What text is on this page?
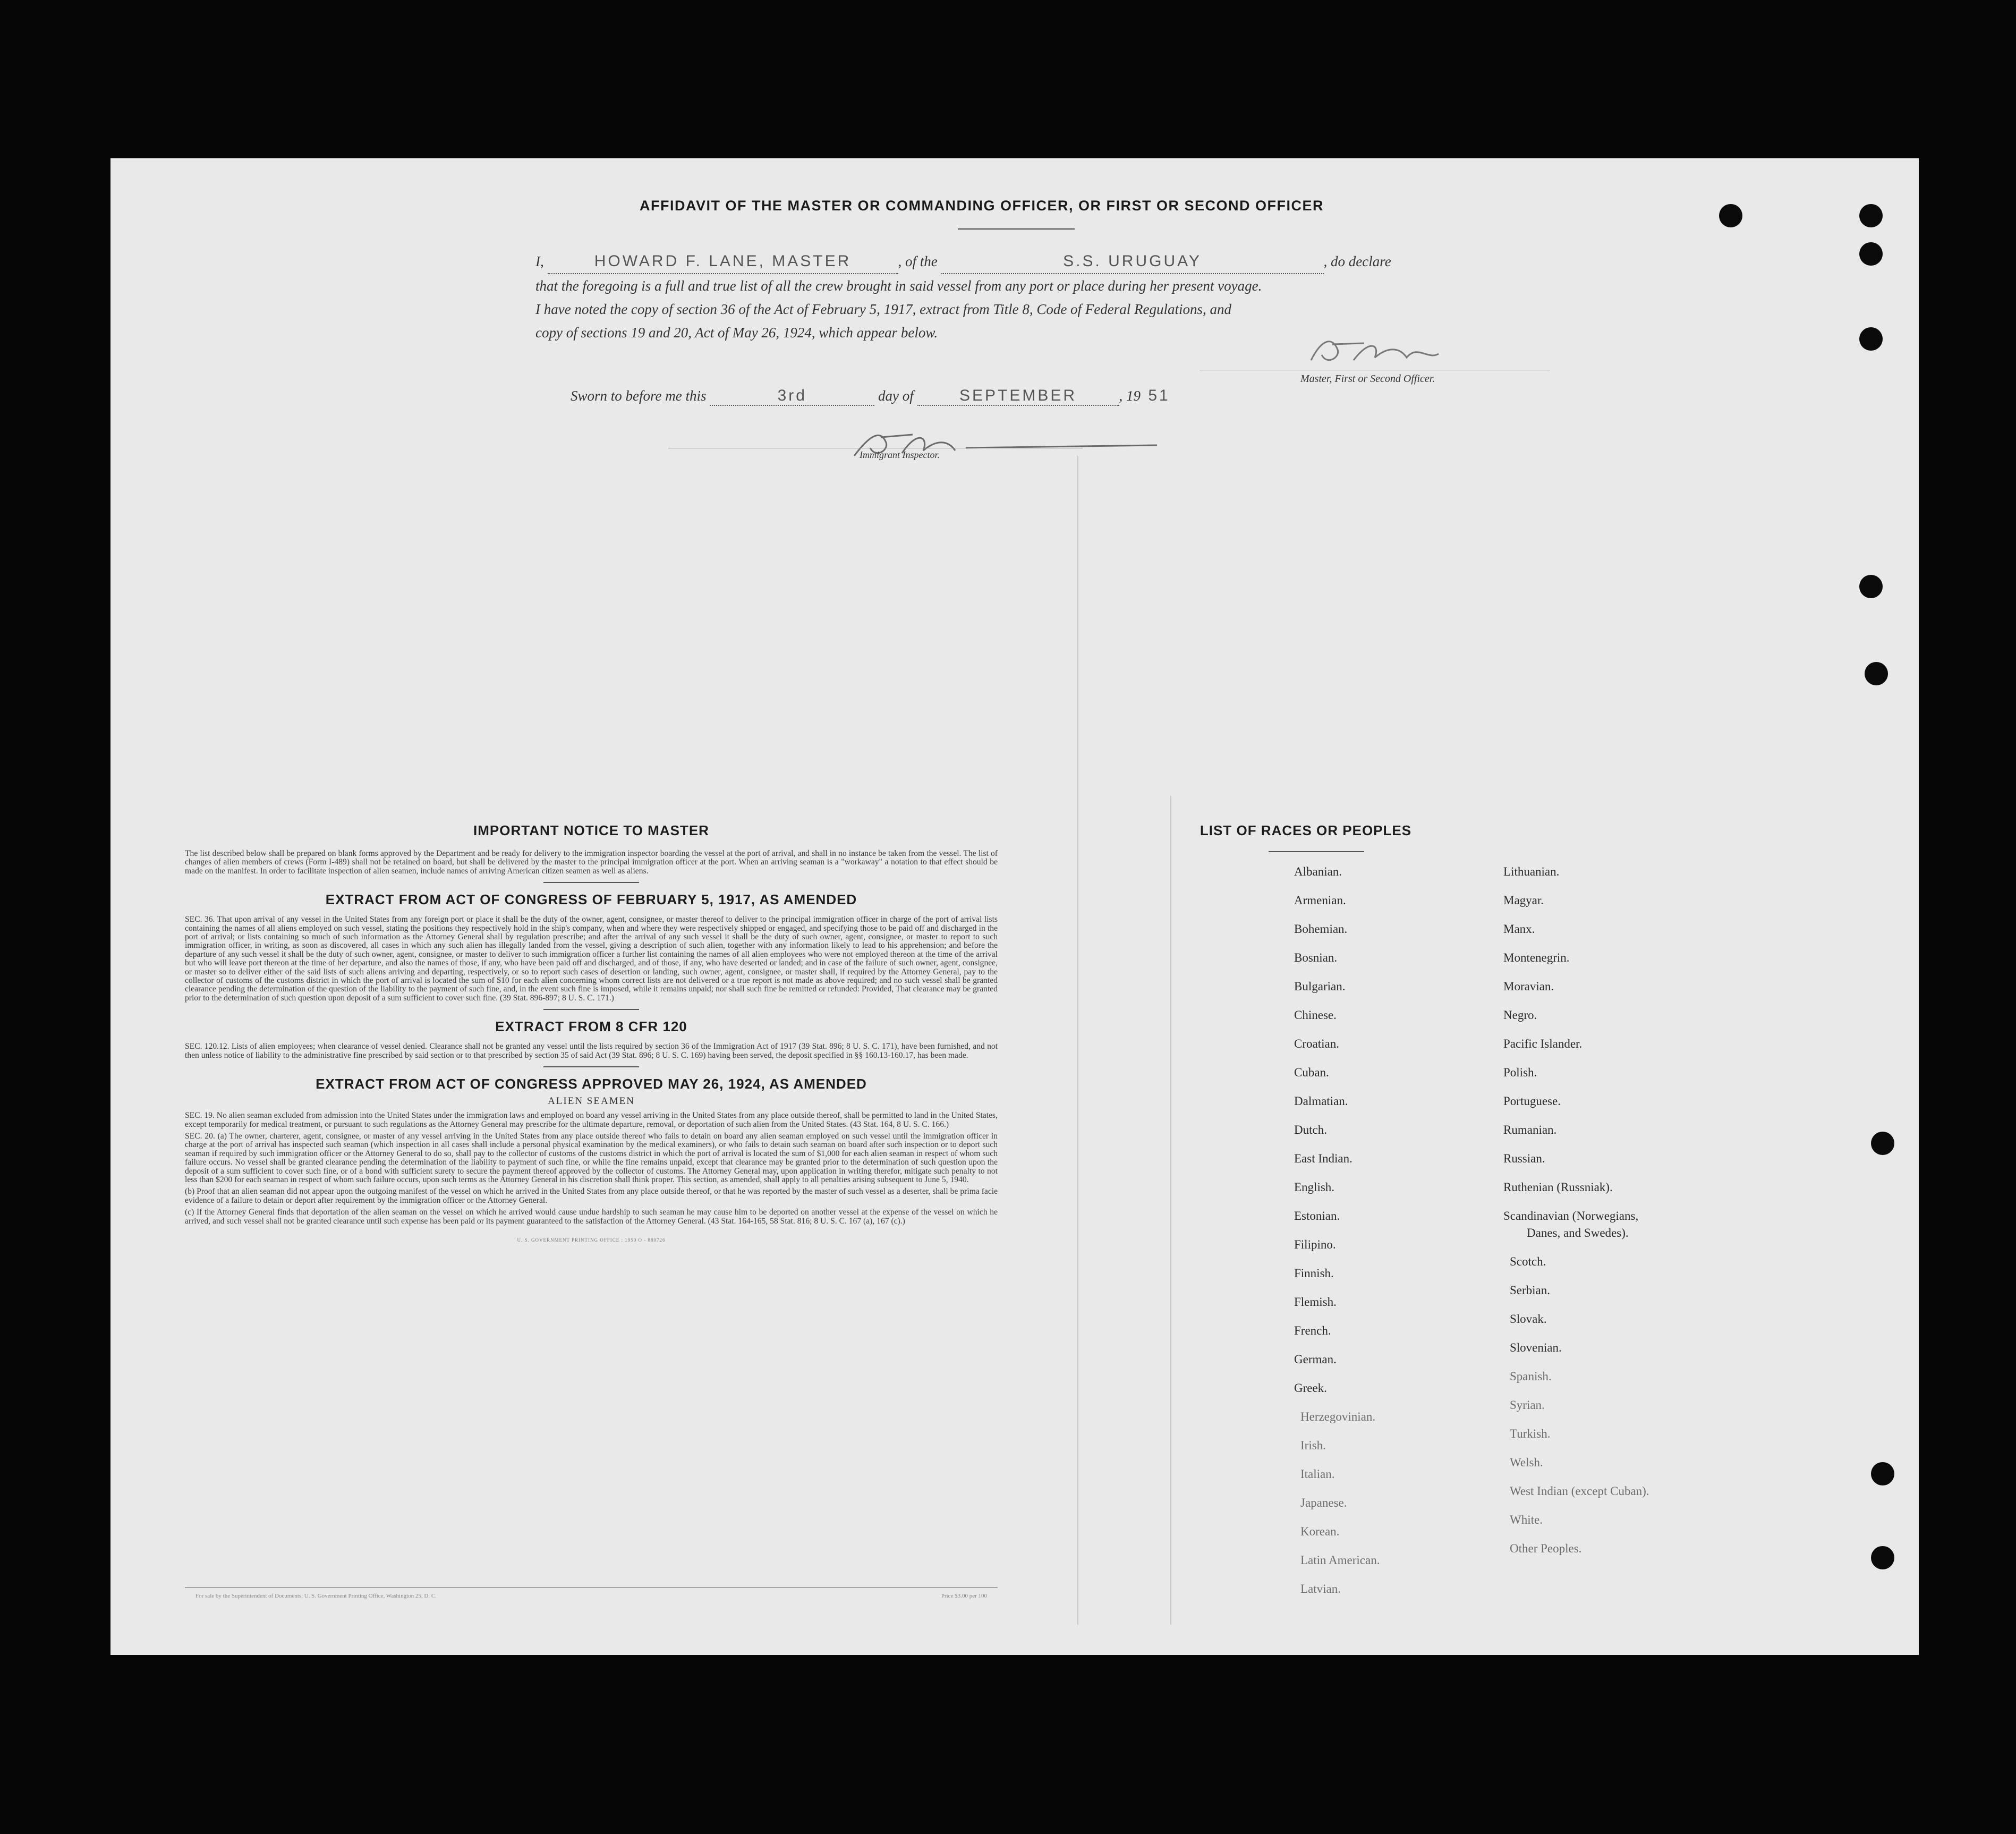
AFFIDAVIT OF THE MASTER OR COMMANDING OFFICER, OR FIRST OR SECOND OFFICER
I,	HOWARD F. LANE, MASTER	, of the	S.S. URUGUAY	, do declare
that the foregoing is a full and true list of all the crew brought in said vessel from any port or place during her present voyage.
I have noted the copy of section 36 of the Act of February 5, 1917, extract from Title 8, Code of Federal Regulations, and
copy of sections 19 and 20, Act of May 26, 1924, which appear below.
Master, First or Second Officer.
Sworn to before me this	3rd	day of	SEPTEMBER	, 19 51
Immigrant Inspector.
IMPORTANT NOTICE TO MASTER

The list described below shall be prepared on blank forms approved by the Department and be ready for delivery to the immigration inspector boarding the vessel at the port of arrival, and shall in no instance be taken from the vessel. The list of changes of alien members of crews (Form I-489) shall not be retained on board, but shall be delivered by the master to the principal immigration officer at the port. When an arriving seaman is a "workaway" a notation to that effect should be made on the manifest. In order to facilitate inspection of alien seamen, include names of arriving American citizen seamen as well as aliens.

EXTRACT FROM ACT OF CONGRESS OF FEBRUARY 5, 1917, AS AMENDED

SEC. 36. That upon arrival of any vessel in the United States from any foreign port or place it shall be the duty of the owner, agent, consignee, or master thereof to deliver to the principal immigration officer in charge of the port of arrival lists containing the names of all aliens employed on such vessel, stating the positions they respectively hold in the ship's company, when and where they were respectively shipped or engaged, and specifying those to be paid off and discharged in the port of arrival; or lists containing so much of such information as the Attorney General shall by regulation prescribe; and after the arrival of any such vessel it shall be the duty of such owner, agent, consignee, or master to report to such immigration officer, in writing, as soon as discovered, all cases in which any such alien has illegally landed from the vessel, giving a description of such alien, together with any information likely to lead to his apprehension; and before the departure of any such vessel it shall be the duty of such owner, agent, consignee, or master to deliver to such immigration officer a further list containing the names of all alien employees who were not employed thereon at the time of the arrival but who will leave port thereon at the time of her departure, and also the names of those, if any, who have been paid off and discharged, and of those, if any, who have deserted or landed; and in case of the failure of such owner, agent, consignee, or master so to deliver either of the said lists of such aliens arriving and departing, respectively, or so to report such cases of desertion or landing, such owner, agent, consignee, or master shall, if required by the Attorney General, pay to the collector of customs of the customs district in which the port of arrival is located the sum of $10 for each alien concerning whom correct lists are not delivered or a true report is not made as above required; and no such vessel shall be granted clearance pending the determination of the question of the liability to the payment of such fine, and, in the event such fine is imposed, while it remains unpaid; nor shall such fine be remitted or refunded: Provided, That clearance may be granted prior to the determination of such question upon deposit of a sum sufficient to cover such fine. (39 Stat. 896-897; 8 U. S. C. 171.)

EXTRACT FROM 8 CFR 120

SEC. 120.12. Lists of alien employees; when clearance of vessel denied. Clearance shall not be granted any vessel until the lists required by section 36 of the Immigration Act of 1917 (39 Stat. 896; 8 U. S. C. 171), have been furnished, and not then unless notice of liability to the administrative fine prescribed by said section or to that prescribed by section 35 of said Act (39 Stat. 896; 8 U. S. C. 169) having been served, the deposit specified in §§ 160.13-160.17, has been made.

EXTRACT FROM ACT OF CONGRESS APPROVED MAY 26, 1924, AS AMENDED
ALIEN SEAMEN

SEC. 19. No alien seaman excluded from admission into the United States under the immigration laws and employed on board any vessel arriving in the United States from any place outside thereof, shall be permitted to land in the United States, except temporarily for medical treatment, or pursuant to such regulations as the Attorney General may prescribe for the ultimate departure, removal, or deportation of such alien from the United States. (43 Stat. 164, 8 U. S. C. 166.)

SEC. 20. (a) The owner, charterer, agent, consignee, or master of any vessel arriving in the United States from any place outside thereof who fails to detain on board any alien seaman employed on such vessel until the immigration officer in charge at the port of arrival has inspected such seaman (which inspection in all cases shall include a personal physical examination by the medical examiners), or who fails to detain such seaman on board after such inspection or to deport such seaman if required by such immigration officer or the Attorney General to do so, shall pay to the collector of customs of the customs district in which the port of arrival is located the sum of $1,000 for each alien seaman in respect of whom such failure occurs. No vessel shall be granted clearance pending the determination of the liability to payment of such fine, or while the fine remains unpaid, except that clearance may be granted prior to the determination of such question upon the deposit of a sum sufficient to cover such fine, or of a bond with sufficient surety to secure the payment thereof approved by the collector of customs. The Attorney General may, upon application in writing therefor, mitigate such penalty to not less than $200 for each seaman in respect of whom such failure occurs, upon such terms as the Attorney General in his discretion shall think proper. This section, as amended, shall apply to all penalties arising subsequent to June 5, 1940.

(b) Proof that an alien seaman did not appear upon the outgoing manifest of the vessel on which he arrived in the United States from any place outside thereof, or that he was reported by the master of such vessel as a deserter, shall be prima facie evidence of a failure to detain or deport after requirement by the immigration officer or the Attorney General.

(c) If the Attorney General finds that deportation of the alien seaman on the vessel on which he arrived would cause undue hardship to such seaman he may cause him to be deported on another vessel at the expense of the vessel on which he arrived, and such vessel shall not be granted clearance until such expense has been paid or its payment guaranteed to the satisfaction of the Attorney General. (43 Stat. 164-165, 58 Stat. 816; 8 U. S. C. 167 (a), 167 (c).)

U. S. GOVERNMENT PRINTING OFFICE : 1950 O - 880726
For sale by the Superintendent of Documents, U. S. Government Printing Office, Washington 25, D. C.	Price $3.00 per 100
LIST OF RACES OR PEOPLES
Albanian.
Armenian.
Bohemian.
Bosnian.
Bulgarian.
Chinese.
Croatian.
Cuban.
Dalmatian.
Dutch.
East Indian.
English.
Estonian.
Filipino.
Finnish.
Flemish.
French.
German.
Greek.
Herzegovinian.
Irish.
Italian.
Japanese.
Korean.
Latin American.
Latvian.
Lithuanian.
Magyar.
Manx.
Montenegrin.
Moravian.
Negro.
Pacific Islander.
Polish.
Portuguese.
Rumanian.
Russian.
Ruthenian (Russniak).
Scandinavian (Norwegians,
Danes, and Swedes).
Scotch.
Serbian.
Slovak.
Slovenian.
Spanish.
Syrian.
Turkish.
Welsh.
West Indian (except Cuban).
White.
Other Peoples.
